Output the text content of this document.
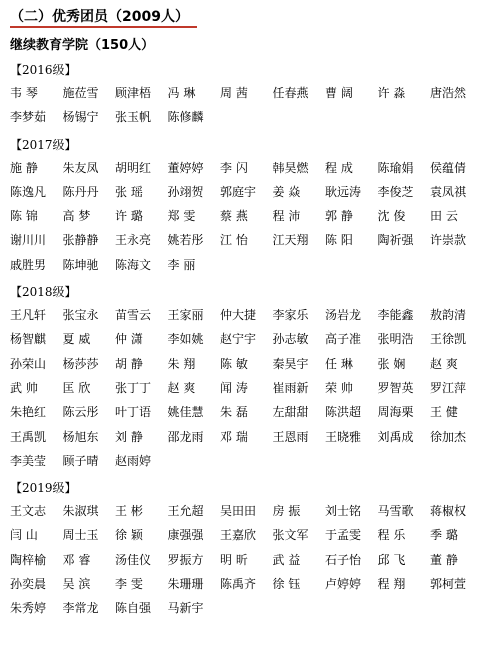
（二）优秀团员（2009人）
继续教育学院（150人）
【2016级】
韦 琴 施莅雪 顾津梧 冯 琳 周 茜 任春燕 曹 阔 许 淼 唐浩然李梦茹 杨锡宁 张玉帆 陈修麟
【2017级】
施 静 朱友凤 胡明红 董婷婷 李 闪 韩昊燃 程 成 陈瑜娟 侯蕴倩陈逸凡 陈丹丹 张 瑶 孙翊贺 郭庭宇 姜 焱 耿远涛 李俊芝 袁凤祺陈 锦 高 梦 许 璐 郑 雯 蔡 燕 程 沛 郭 静 沈 俊 田 云谢川川 张静静 王永亮 姚若彤 江 怡 江天翔 陈 阳 陶祈强 许崇款戚胜男 陈坤驰 陈海文 李 丽
【2018级】
王凡轩 张宝永 苗雪云 王家丽 仲大捷 李家乐 汤岩龙 李能鑫 敖韵清杨智麒 夏 威 仲 潇 李如姚 赵宁宇 孙志敏 高子准 张明浩 王徐凯孙荣山 杨莎莎 胡 静 朱 翔 陈 敏 秦昊宇 任 琳 张 娴 赵 爽武 帅 匡 欣 张丁丁 赵 爽 闻 涛 崔雨新 荣 帅 罗智英 罗江萍朱艳红 陈云彤 叶丁语 姚佳慧 朱 磊 左甜甜 陈洪超 周海栗 王 健王禹凯 杨旭东 刘 静 邵龙雨 邓 瑞 王恩雨 王晓雅 刘禹成 徐加杰李美莹 顾子晴 赵雨婷
【2019级】
王文志 朱淑琪 王 彬 王允超 吴田田 房 振 刘士铭 马雪歌 蒋椒权闫 山 周士玉 徐 颖 康强强 王嘉欣 张文军 于孟雯 程 乐 季 璐陶梓榆 邓 睿 汤佳仪 罗振方 明 昕 武 益 石子怡 邱 飞 董 静孙奕晨 吴 滨 李 雯 朱珊珊 陈禹齐 徐 钰 卢婷婷 程 翔 郭柯萱朱秀婷 李常龙 陈自强 马新宇
